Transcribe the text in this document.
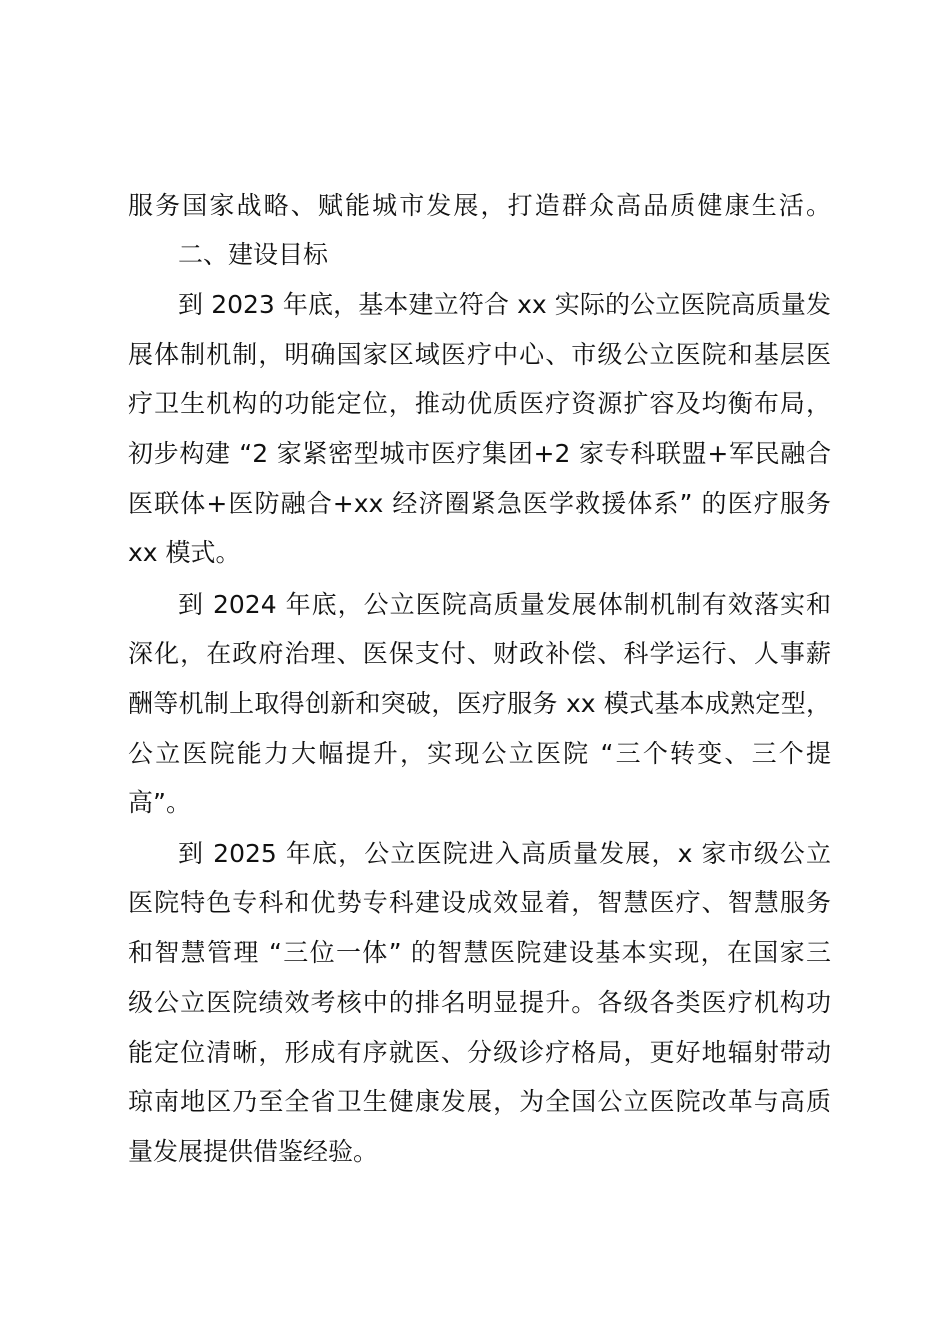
服务国家战略、赋能城市发展，打造群众高品质健康生活。
二、建设目标
到 2023 年底，基本建立符合 xx 实际的公立医院高质量发
展体制机制，明确国家区域医疗中心、市级公立医院和基层医
疗卫生机构的功能定位，推动优质医疗资源扩容及均衡布局，
初步构建 “2 家紧密型城市医疗集团+2 家专科联盟+军民融合
医联体+医防融合+xx 经济圈紧急医学救援体系” 的医疗服务
xx 模式。
到 2024 年底，公立医院高质量发展体制机制有效落实和
深化，在政府治理、医保支付、财政补偿、科学运行、人事薪
酬等机制上取得创新和突破，医疗服务 xx 模式基本成熟定型，
公立医院能力大幅提升，实现公立医院 “三个转变、三个提
高”。
到 2025 年底，公立医院进入高质量发展，x 家市级公立
医院特色专科和优势专科建设成效显着，智慧医疗、智慧服务
和智慧管理 “三位一体” 的智慧医院建设基本实现，在国家三
级公立医院绩效考核中的排名明显提升。各级各类医疗机构功
能定位清晰，形成有序就医、分级诊疗格局，更好地辐射带动
琼南地区乃至全省卫生健康发展，为全国公立医院改革与高质
量发展提供借鉴经验。
